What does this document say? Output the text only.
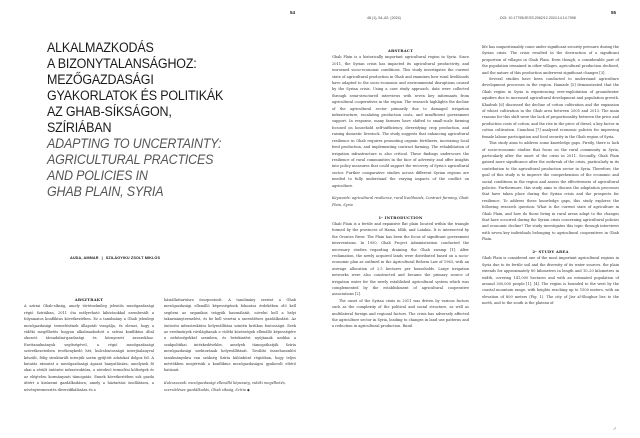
54
ALKALMAZKODÁS
A BIZONYTALANSÁGHOZ:
MEZŐGAZDASÁGI
GYAKORLATOK ÉS POLITIKÁK
AZ GHAB-SÍKSÁGON,
SZÍRIÁBAN
ADAPTING TO UNCERTAINTY:
AGRICULTURAL PRACTICES
AND POLICIES IN
GHAB PLAIN, SYRIA
AUDA, AMMAR | SZILÁGYIKU ZSOLT MIKLÓS

ABSZTRAKT

A szíriai Ghab-síkság, amely történelmileg jelentős mezőgazdasági régió Szíriában, 2011 óta mélyreható kihívásokkal szembesült a folyamatos konfliktus következtében. Ez a tanulmány a Ghab jelenlegi mezőgazdasági termelésének állapotát vizsgálja, és elemzi, hogy a vidéki megélhetés hogyan alkalmazkodott a szíriai konfliktus által okozott társadalmi-gazdasági és környezeti zavarokhoz. Esettanulmányok segítségével, a régió mezőgazdasági szövetkezeteiben tevékenykedő hét, kulcsfontosságú interjúalanyval készült, félig strukturált interjúk során gyűjtött adatokat dolgoz fel. A kutatás rámutat a mezőgazdasági ágazat hanyatlására, amelynek fő okai a sérült öntözési infrastruktúra, a növekvő termelési költségek és az elégtelen kormányzati támogatás. Ennek következtében sok gazda áttért a kisüzemi gazdálkodásra, amely a háztartási önellátásra, a növénytermesztés diverzifikálására és a

háziállattartásra összpontosít. A tanulmány szerint a Ghab mezőgazdasági ellenálló képességének fokozása érdekében elő kell segíteni az organikus trágyák használatát, növelni kell a helyi takarmánytermelést, és be kell vezetni a szerződéses gazdálkodást. Az öntözési infrastruktúra helyreállítása szintén kritikus fontosságú. Ezek az eredmények rávilágítanak a vidéki közösségek ellenálló képességére a nehézségekkel szemben, és betekintést nyújtanak azokba a szakpolitikai intézkedésekbe, amelyek támogathatják Szíria mezőgazdasági szektorának helyreállítását. További összehasonlító tanulmányokra van szükség Szíria különböző régióiban, hogy teljes mértékben megértsük a konfliktus mezőgazdaságra gyakorolt eltérő hatásait.

Kulcsszavak: mezőgazdasági ellenálló képesség, vidéki megélhetés, szerződéses gazdálkodás, Ghab síkság, Szíria ◆

48 (1), 54–62. (2024)	DOI: 10.17795/JEGS.2062/12.2024.14.14.7998
55

ABSTRACT

Ghab Plain is a historically important agricultural region in Syria. Since 2011, the Syrian crisis has impacted its agricultural productivity, and worsened socio-economic conditions. This study investigates the current state of agricultural production in Ghab and examines how rural livelihoods have adapted to the socio-economic and environmental disruptions caused by the Syrian crisis. Using a case study approach, data were collected through semi-structured interviews with seven key informants from agricultural cooperatives in the region. The research highlights the decline of the agricultural sector primarily due to damaged irrigation infrastructure, escalating production costs, and insufficient government support. In response, many farmers have shifted to small-scale farming focused on household self-sufficiency, diversifying crop production, and raising domestic livestock. The study suggests that enhancing agricultural resilience in Ghab requires promoting organic fertilizers, increasing local feed production, and implementing contract farming. The rehabilitation of irrigation infrastructure is also critical. These findings underscore the resilience of rural communities in the face of adversity and offer insights into policy measures that could support the recovery of Syria's agricultural sector. Further comparative studies across different Syrian regions are needed to fully understand the varying impacts of the conflict on agriculture.

Keywords: agricultural resilience, rural livelihoods, Contract farming, Ghab Plain, Syria

1- INTRODUCTION

Ghab Plain is a fertile and expansive flat plain located within the triangle formed by the provinces of Hama, Idlib, and Latakia. It is intersected by the Orontes River. The Plain has been the focus of significant government interventions. In 1950, Ghab Project Administration conducted the necessary studies regarding draining the Ghab swamp [1]. After reclamation, the newly acquired lands were distributed based on a socio-economic plan as outlined in the Agricultural Reform Law of 1963, with an average allocation of 2.5 hectares per households. Large irrigation networks were also constructed and became the primary source of irrigation water for the newly established agricultural system which was complemented by the establishment of agricultural cooperative associations [2].

The onset of the Syrian crisis in 2011 was driven by various factors such as the complexity of the political and social structure, as well as multilateral foreign and regional factors. The crisis has adversely affected the agriculture sector in Syria, leading to changes in land use patterns and a reduction in agricultural production. Rural

life has unquestionably come under significant security pressure during the Syrian crisis. The crisis resulted in the destruction of a significant proportion of villages in Ghab Plain. Even though, a considerable part of the population remained in other villages, agricultural production declined, and the nature of this production underwent significant changes [3].

Several studies have been conducted to understand agriculture development processes in the region. Hamade [5] demonstrated that the Ghab region in Syria is experiencing over-exploitation of groundwater aquifers due to increased agricultural development and population growth. Khadrab [6] discussed the decline of cotton cultivation and the expansion of wheat cultivation in the Ghab area between 2005 and 2013. The main reasons for this shift were the lack of proportionality between the price and production costs of cotton, and the rise in the price of diesel, a key factor in cotton cultivation. Cianchini [7] analysed economic policies for improving female labour participation and food security in the Ghab region of Syria.

This study aims to address some knowledge gaps. Firstly, there is lack of socio-economic studies that focus on the rural community in Syria, particularly after the onset of the crisis in 2011. Secondly, Ghab Plain gained more significance after the outbreak of the crisis, particularly in its contribution to the agricultural production sector in Syria. Therefore, the goal of this study is to improve the comprehension of the economic and social conditions in the region and assess the effectiveness of agricultural policies. Furthermore, this study aims to discuss the adaptation processes that have taken place during the Syrian crisis and the prospects for resilience. To address these knowledge gaps, this study explores the following research question: What is the current state of agriculture in Ghab Plain, and how do those living in rural areas adapt to the changes that have occurred during the Syrian crisis concerning agricultural policies and economic decline? The study investigates this topic through interviews with seven key individuals belonging to agricultural cooperatives in Ghab Plain.

2- STUDY AREA

Ghab Plain is considered one of the most important agricultural regions in Syria due to its fertile soil and the diversity of its water sources. the plain extends for approximately 80 kilometres in length and 10–20 kilometres in width, covering 141,000 hectares and with an estimated population of around 300,000 people [1], [4]. The region is bounded to the west by the coastal mountain range, with heights reaching up to 1500 meters, with an elevation of 800 meters (Fig. 1). The city of Jisr al-Shughur lies to the north, and to the south is the plateau of

↗
